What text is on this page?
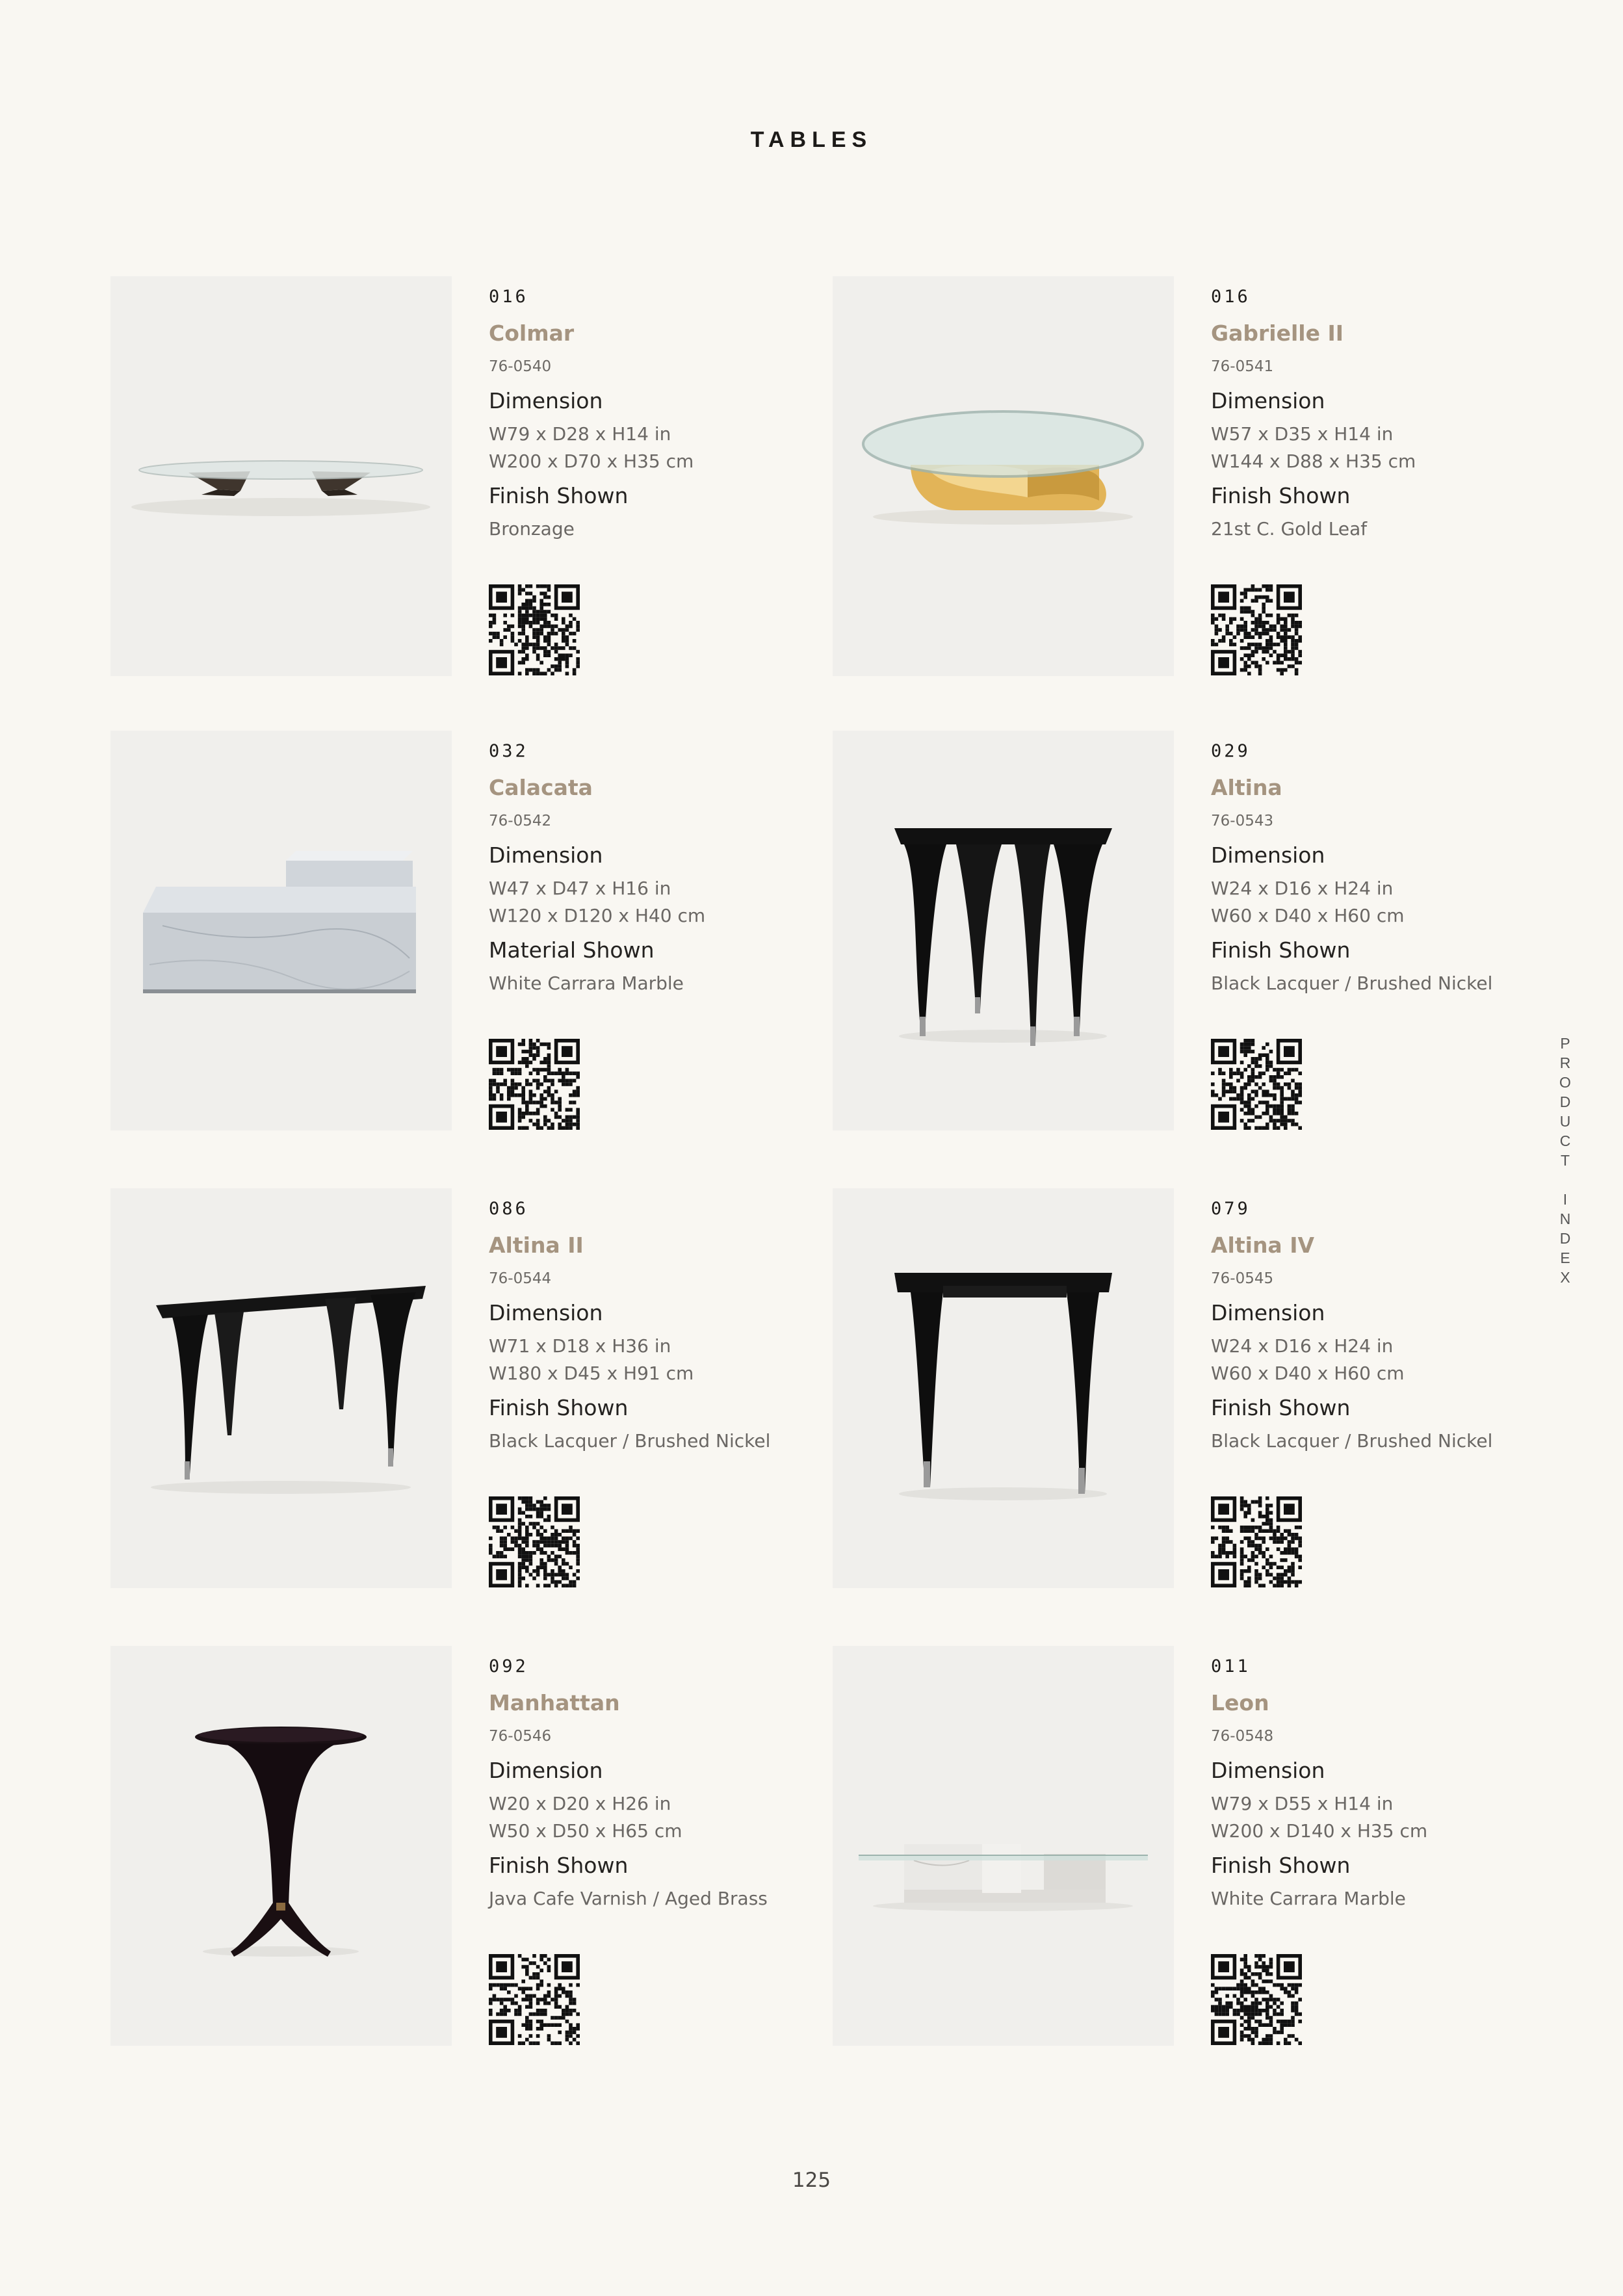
TABLES
P
R
O
D
U
C
T

I
N
D
E
X
016
Colmar
76-0540
Dimension
W79 x D28 x H14 in
W200 x D70 x H35 cm
Finish Shown
Bronzage
016
Gabrielle II
76-0541
Dimension
W57 x D35 x H14 in
W144 x D88 x H35 cm
Finish Shown
21st C. Gold Leaf
032
Calacata
76-0542
Dimension
W47 x D47 x H16 in
W120 x D120 x H40 cm
Material Shown
White Carrara Marble
029
Altina
76-0543
Dimension
W24 x D16 x H24 in
W60 x D40 x H60 cm
Finish Shown
Black Lacquer / Brushed Nickel
086
Altina II
76-0544
Dimension
W71 x D18 x H36 in
W180 x D45 x H91 cm
Finish Shown
Black Lacquer / Brushed Nickel
079
Altina IV
76-0545
Dimension
W24 x D16 x H24 in
W60 x D40 x H60 cm
Finish Shown
Black Lacquer / Brushed Nickel
092
Manhattan
76-0546
Dimension
W20 x D20 x H26 in
W50 x D50 x H65 cm
Finish Shown
Java Cafe Varnish / Aged Brass
011
Leon
76-0548
Dimension
W79 x D55 x H14 in
W200 x D140 x H35 cm
Finish Shown
White Carrara Marble
125
